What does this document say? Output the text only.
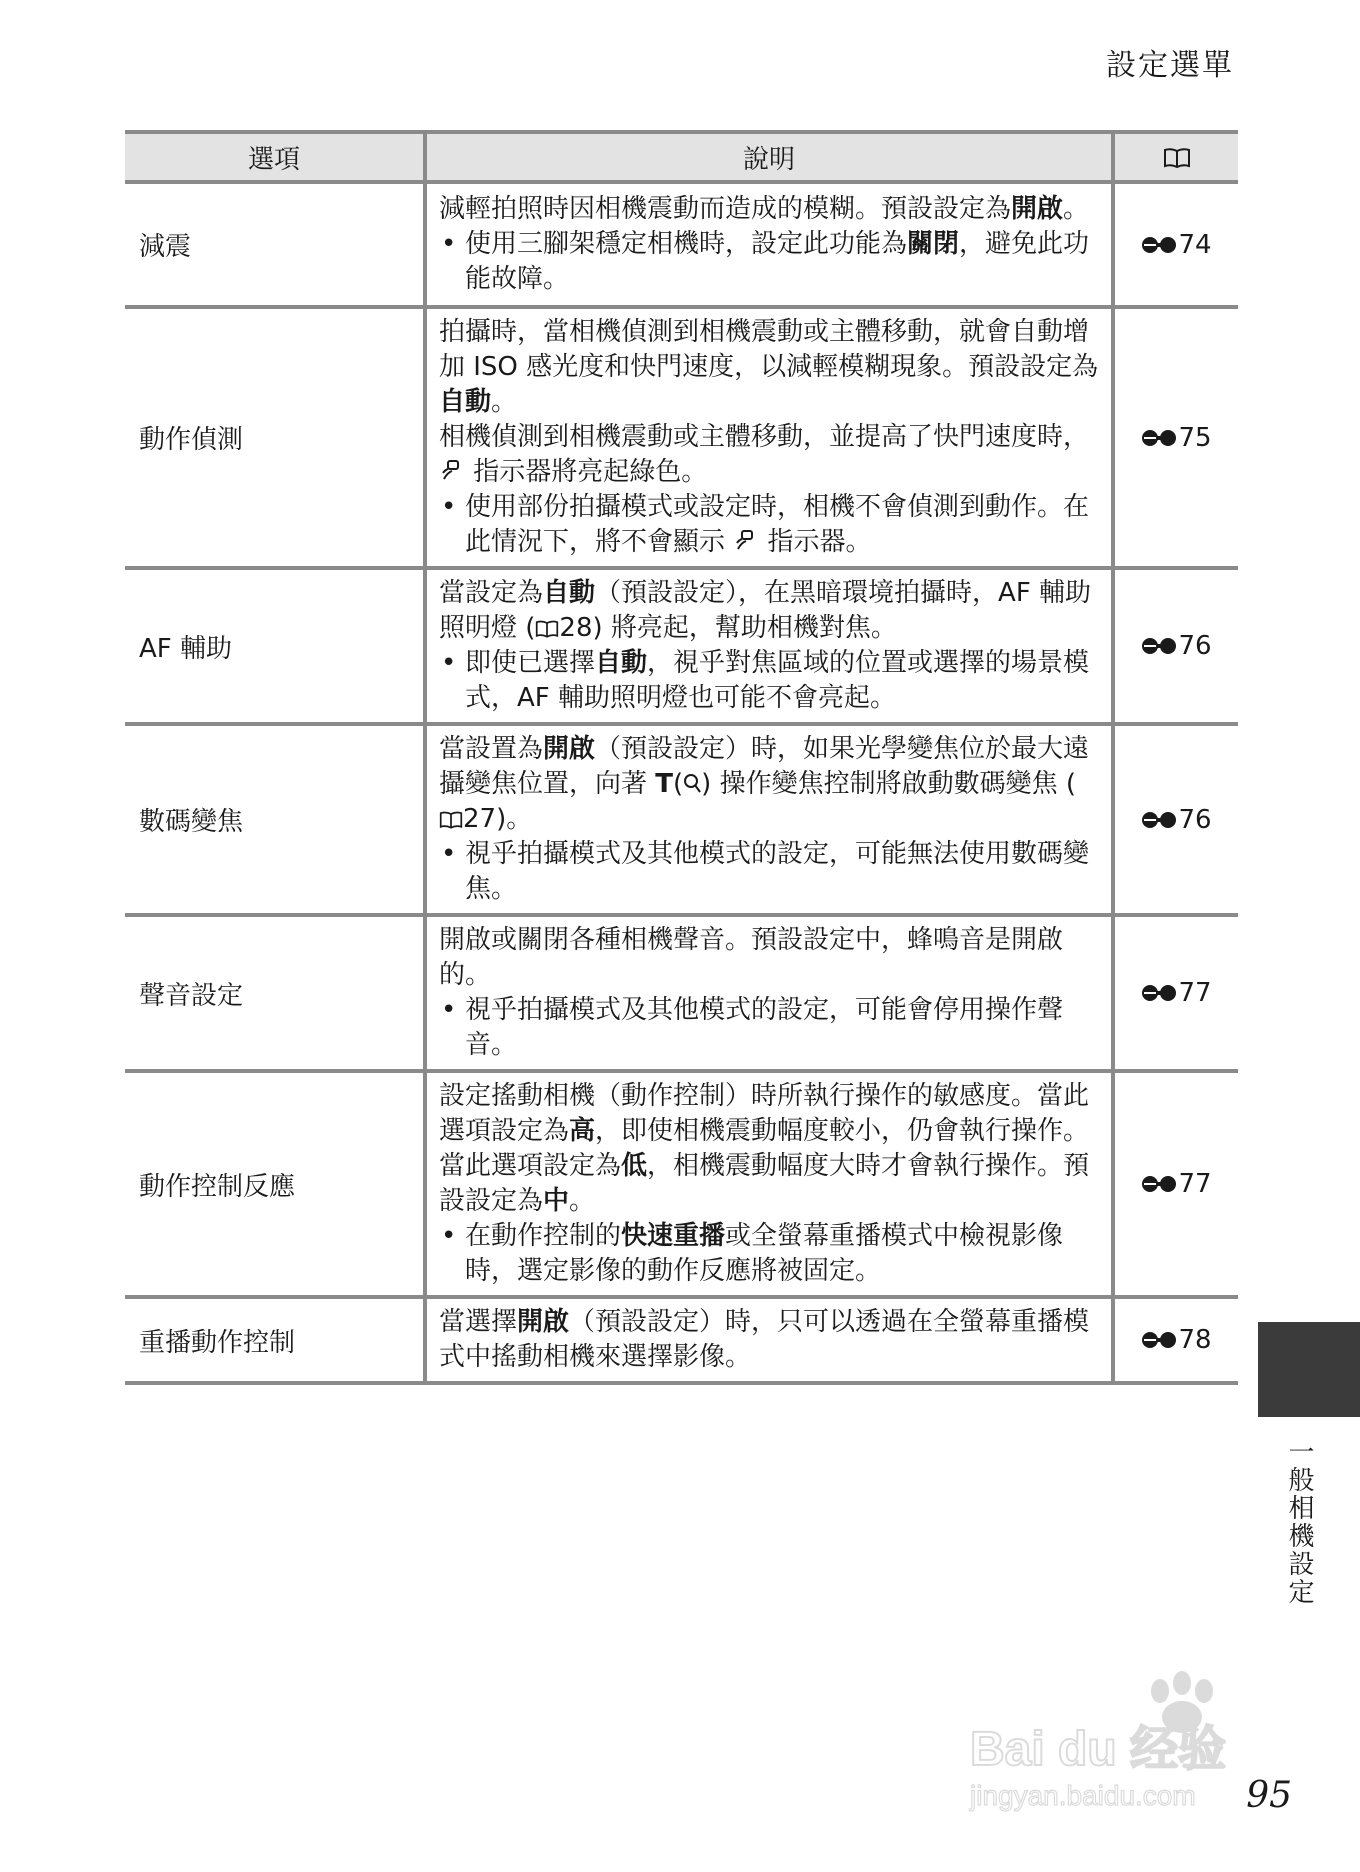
設定選單
選項	說明	
減震	減輕拍照時因相機震動而造成的模糊。預設設定為開啟。
• 使用三腳架穩定相機時，設定此功能為關閉，避免此功能故障。	74
動作偵測	拍攝時，當相機偵測到相機震動或主體移動，就會自動增加 ISO 感光度和快門速度，以減輕模糊現象。預設設定為 自動。
相機偵測到相機震動或主體移動，並提高了快門速度時， 指示器將亮起綠色。
• 使用部份拍攝模式或設定時，相機不會偵測到動作。在此情況下，將不會顯示  指示器。	75
AF 輔助	當設定為自動（預設設定），在黑暗環境拍攝時，AF 輔助照明燈 ( 28) 將亮起，幫助相機對焦。
• 即使已選擇自動，視乎對焦區域的位置或選擇的場景模式，AF 輔助照明燈也可能不會亮起。	76
數碼變焦	當設置為開啟（預設設定）時，如果光學變焦位於最大遠攝變焦位置，向著 T( ) 操作變焦控制將啟動數碼變焦 (27)。
• 視乎拍攝模式及其他模式的設定，可能無法使用數碼變焦。	76
聲音設定	開啟或關閉各種相機聲音。預設設定中，蜂鳴音是開啟的。
• 視乎拍攝模式及其他模式的設定，可能會停用操作聲音。	77
動作控制反應	設定搖動相機（動作控制）時所執行操作的敏感度。當此選項設定為高，即使相機震動幅度較小，仍會執行操作。當此選項設定為低，相機震動幅度大時才會執行操作。預設設定為中。
• 在動作控制的快速重播或全螢幕重播模式中檢視影像時，選定影像的動作反應將被固定。	77
重播動作控制	當選擇開啟（預設設定）時，只可以透過在全螢幕重播模式中搖動相機來選擇影像。	78
一般相機設定
Bai du 经验
jingyan.baidu.com 95
